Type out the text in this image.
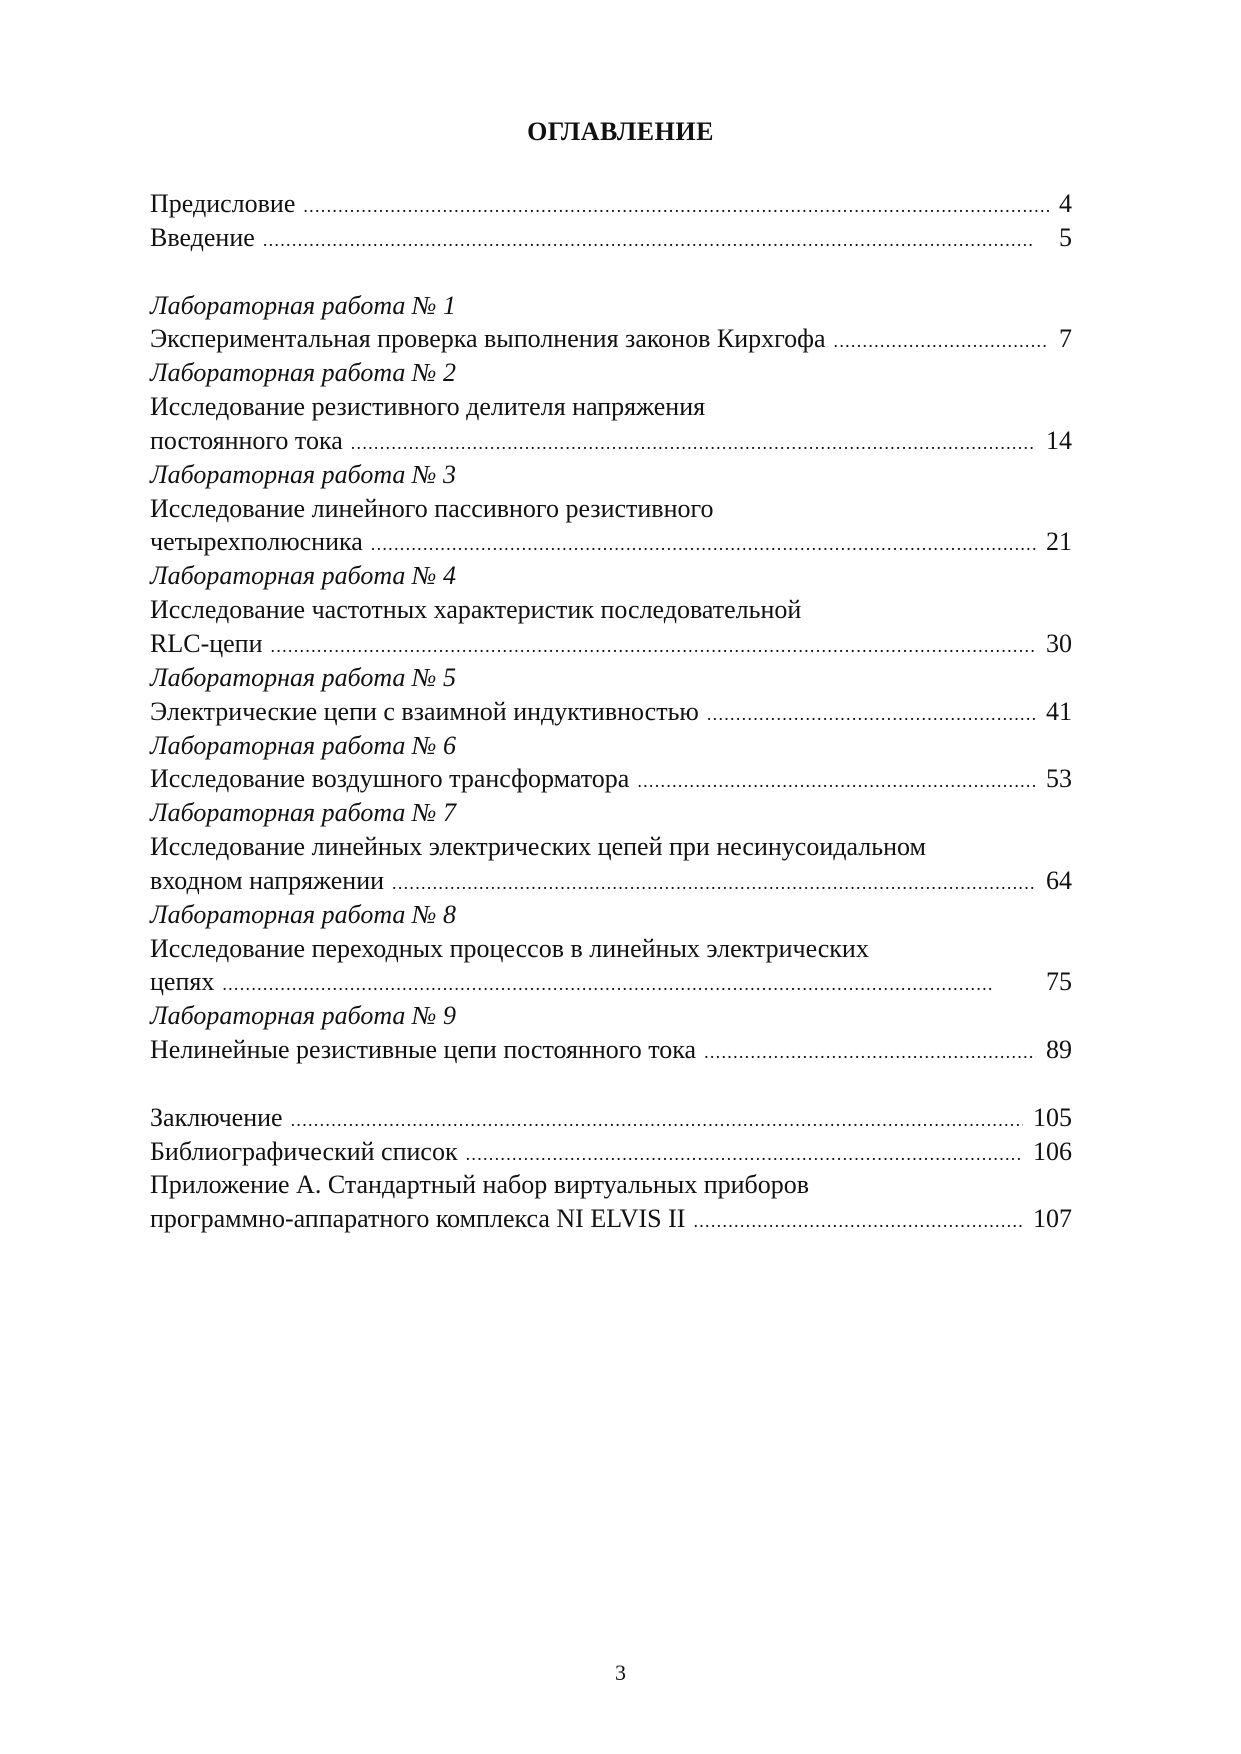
ОГЛАВЛЕНИЕ
Предисловие . . .	4
Введение . . .	5
Лабораторная работа № 1
Экспериментальная проверка выполнения законов Кирхгофа . . .	7
Лабораторная работа № 2
Исследование резистивного делителя напряжения
постоянного тока . . .	14
Лабораторная работа № 3
Исследование линейного пассивного резистивного
четырехполюсника . . .	21
Лабораторная работа № 4
Исследование частотных характеристик последовательной
RLC-цепи . . .	30
Лабораторная работа № 5
Электрические цепи с взаимной индуктивностью . . .	41
Лабораторная работа № 6
Исследование воздушного трансформатора . . .	53
Лабораторная работа № 7
Исследование линейных электрических цепей при несинусоидальном
входном напряжении . . .	64
Лабораторная работа № 8
Исследование переходных процессов в линейных электрических
цепях . . .	75
Лабораторная работа № 9
Нелинейные резистивные цепи постоянного тока . . .	89
Заключение . . .	105
Библиографический список . . .	106
Приложение А. Стандартный набор виртуальных приборов
программно-аппаратного комплекса NI ELVIS II . . .	107
3
